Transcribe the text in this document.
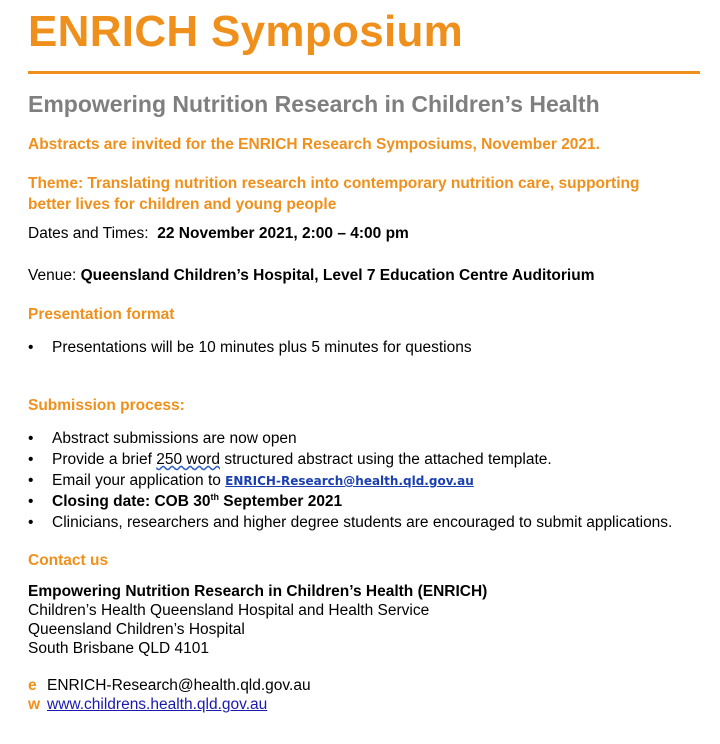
ENRICH Symposium
Empowering Nutrition Research in Children’s Health
Abstracts are invited for the ENRICH Research Symposiums, November 2021.
Theme: Translating nutrition research into contemporary nutrition care, supporting
better lives for children and young people
Dates and Times: 22 November 2021, 2:00 – 4:00 pm
Venue: Queensland Children’s Hospital, Level 7 Education Centre Auditorium
Presentation format
• Presentations will be 10 minutes plus 5 minutes for questions
Submission process:
• Abstract submissions are now open
• Provide a brief 250 word structured abstract using the attached template.
• Email your application to ENRICH-Research@health.qld.gov.au
• Closing date: COB 30th September 2021
• Clinicians, researchers and higher degree students are encouraged to submit applications.
Contact us
Empowering Nutrition Research in Children’s Health (ENRICH)
Children’s Health Queensland Hospital and Health Service
Queensland Children’s Hospital
South Brisbane QLD 4101
e ENRICH-Research@health.qld.gov.au
w www.childrens.health.qld.gov.au
